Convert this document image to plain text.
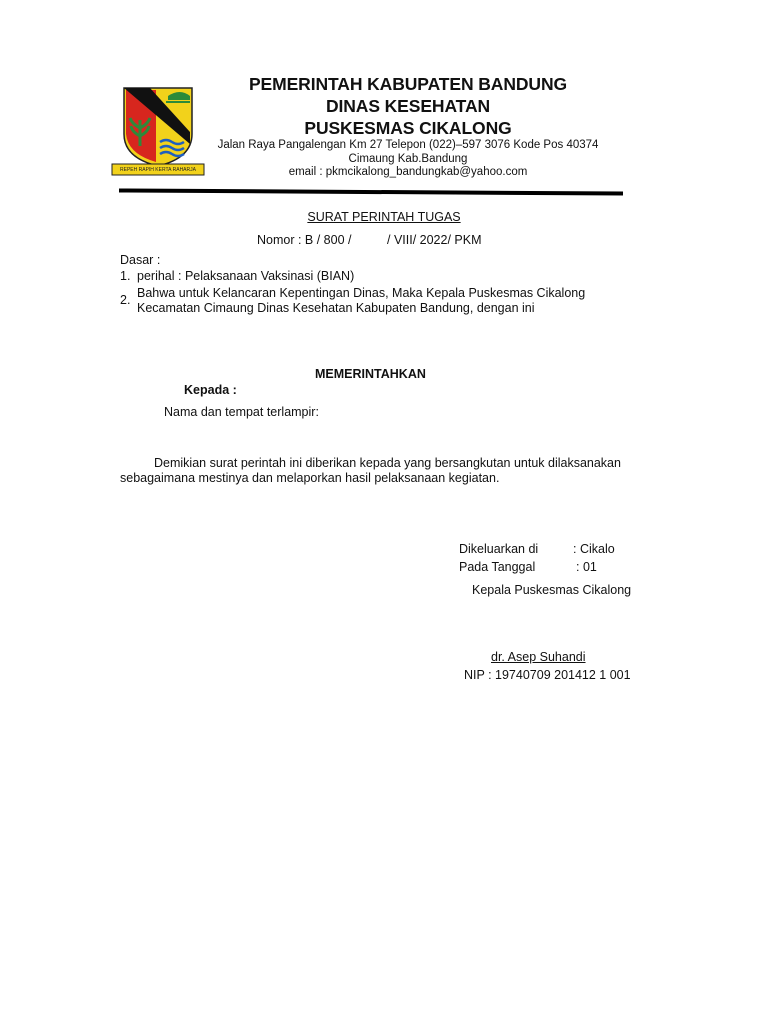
REPEH RAPIH KERTA RAHARJA
PEMERINTAH KABUPATEN BANDUNG
DINAS KESEHATAN
PUSKESMAS CIKALONG
Jalan Raya Pangalengan Km 27 Telepon (022)–597 3076 Kode Pos 40374
Cimaung Kab.Bandung
email : pkmcikalong_bandungkab@yahoo.com
SURAT PERINTAH TUGAS
Nomor : B / 800 /	/ VIII/ 2022/ PKM
Dasar :
1. perihal : Pelaksanaan Vaksinasi (BIAN)
2. Bahwa untuk Kelancaran Kepentingan Dinas, Maka Kepala Puskesmas Cikalong
Kecamatan Cimaung Dinas Kesehatan Kabupaten Bandung, dengan ini
MEMERINTAHKAN
Kepada :
Nama dan tempat terlampir:
Demikian surat perintah ini diberikan kepada yang bersangkutan untuk dilaksanakan
sebagaimana mestinya dan melaporkan hasil pelaksanaan kegiatan.
Dikeluarkan di	: Cikalo
Pada Tanggal	: 01
Kepala Puskesmas Cikalong
dr. Asep Suhandi
NIP : 19740709 201412 1 001
